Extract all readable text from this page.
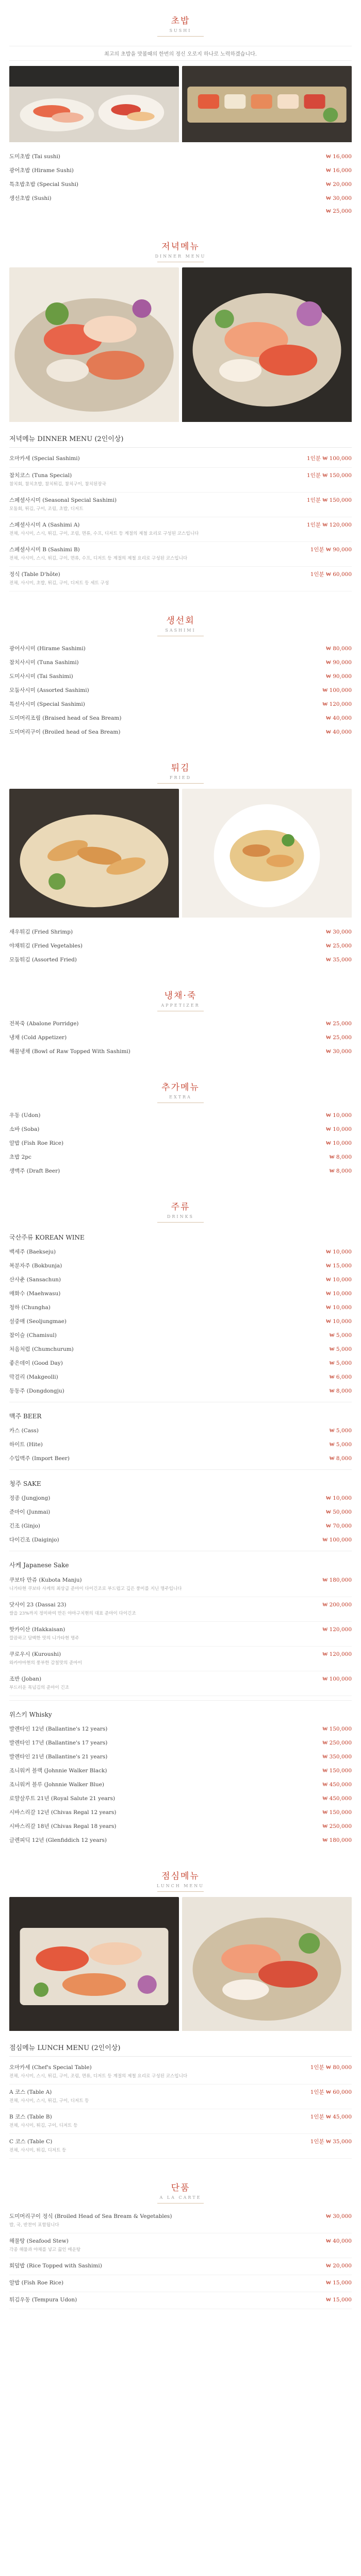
초밥
SUSHI
최고의 초밥을 맛볼때의 한번의 정신 오로지 하나로 노력하겠습니다.
도미초밥 (Tai sushi)	₩ 16,000
광어초밥 (Hirame Sushi)	₩ 16,000
특초밥초밥 (Special Sushi)	₩ 20,000
생선초밥 (Sushi)	₩ 30,000
₩ 25,000
저녁메뉴
DINNER MENU
저녁메뉴 DINNER MENU (2인이상)
오마카세 (Special Sashimi)	1인분 ₩ 100,000
참치코스 (Tuna Special)	1인분 ₩ 150,000
참치회, 참치초밥, 참치튀김, 참치구이, 참치된장국
스페셜사시미 (Seasonal Special Sashimi)	1인분 ₩ 150,000
모둠회, 튀김, 구이, 조림, 초밥, 디저트
스페셜사시미 A (Sashimi A)	1인분 ₩ 120,000
전채, 사시미, 스시, 튀김, 구이, 조림, 면류, 수프, 디저트 등 계절의 제철 요리로 구성된 코스입니다
스페셜사시미 B (Sashimi B)	1인분 ₩ 90,000
전채, 사시미, 스시, 튀김, 구이, 면류, 수프, 디저트 등 계절의 제철 요리로 구성된 코스입니다
정식 (Table D'hôte)	1인분 ₩ 60,000
전채, 사시미, 초밥, 튀김, 구이, 디저트 등 세트 구성
생선회
SASHIMI
광어사시미 (Hirame Sashimi)	₩ 80,000
참치사시미 (Tuna Sashimi)	₩ 90,000
도미사시미 (Tai Sashimi)	₩ 90,000
모둠사시미 (Assorted Sashimi)	₩ 100,000
특선사시미 (Special Sashimi)	₩ 120,000
도미머리조림 (Braised head of Sea Bream)	₩ 40,000
도미머리구이 (Broiled head of Sea Bream)	₩ 40,000
튀김
FRIED
새우튀김 (Fried Shrimp)	₩ 30,000
야채튀김 (Fried Vegetables)	₩ 25,000
모둠튀김 (Assorted Fried)	₩ 35,000
냉채·죽
APPETIZER
전복죽 (Abalone Porridge)	₩ 25,000
냉채 (Cold Appetizer)	₩ 25,000
해물냉채 (Bowl of Raw Topped With Sashimi)	₩ 30,000
추가메뉴
EXTRA
우동 (Udon)	₩ 10,000
소바 (Soba)	₩ 10,000
알밥 (Fish Roe Rice)	₩ 10,000
초밥 2pc	₩ 8,000
생맥주 (Draft Beer)	₩ 8,000
주류
DRINKS
국산주류 KOREAN WINE
백세주 (Baekseju)	₩ 10,000
복분자주 (Bokbunja)	₩ 15,000
산사춘 (Sansachun)	₩ 10,000
매화수 (Maehwasu)	₩ 10,000
청하 (Chungha)	₩ 10,000
설중매 (Seoljungmae)	₩ 10,000
참이슬 (Chamisul)	₩ 5,000
처음처럼 (Chumchurum)	₩ 5,000
좋은데이 (Good Day)	₩ 5,000
막걸리 (Makgeolli)	₩ 6,000
동동주 (Dongdongju)	₩ 8,000
맥주 BEER
카스 (Cass)	₩ 5,000
하이트 (Hite)	₩ 5,000
수입맥주 (Import Beer)	₩ 8,000
청주 SAKE
정종 (Jungjong)	₩ 10,000
준마이 (Junmai)	₩ 50,000
긴조 (Ginjo)	₩ 70,000
다이긴조 (Daiginjo)	₩ 100,000
사케 Japanese Sake
쿠보타 만쥬 (Kubota Manju)	₩ 180,000
니가타현 쿠보타 사케의 최상급 준마이 다이긴조로 부드럽고 깊은 풍미를 지닌 명주입니다
닷사이 23 (Dassai 23)	₩ 200,000
쌀을 23%까지 정미하여 만든 야마구치현의 대표 준마이 다이긴조
핫카이산 (Hakkaisan)	₩ 120,000
깔끔하고 담백한 맛의 니가타현 명주
쿠로우시 (Kuroushi)	₩ 120,000
와카야마현의 풍부한 감칠맛의 준마이
조반 (Joban)	₩ 100,000
부드러운 목넘김의 준마이 긴조
위스키 Whisky
발렌타인 12년 (Ballantine's 12 years)	₩ 150,000
발렌타인 17년 (Ballantine's 17 years)	₩ 250,000
발렌타인 21년 (Ballantine's 21 years)	₩ 350,000
조니워커 블랙 (Johnnie Walker Black)	₩ 150,000
조니워커 블루 (Johnnie Walker Blue)	₩ 450,000
로얄살루트 21년 (Royal Salute 21 years)	₩ 450,000
시바스리갈 12년 (Chivas Regal 12 years)	₩ 150,000
시바스리갈 18년 (Chivas Regal 18 years)	₩ 250,000
글렌피딕 12년 (Glenfiddich 12 years)	₩ 180,000
점심메뉴
LUNCH MENU
점심메뉴 LUNCH MENU (2인이상)
오마카세 (Chef's Special Table)	1인분 ₩ 80,000
전채, 사시미, 스시, 튀김, 구이, 조림, 면류, 디저트 등 계절의 제철 요리로 구성된 코스입니다
A 코스 (Table A)	1인분 ₩ 60,000
전채, 사시미, 스시, 튀김, 구이, 디저트 등
B 코스 (Table B)	1인분 ₩ 45,000
전채, 사시미, 튀김, 구이, 디저트 등
C 코스 (Table C)	1인분 ₩ 35,000
전채, 사시미, 튀김, 디저트 등
단품
A LA CARTE
도미머리구이 정식 (Broiled Head of Sea Bream & Vegetables)	₩ 30,000
밥, 국, 반찬이 포함됩니다
해물탕 (Seafood Stew)	₩ 40,000
각종 해물과 야채를 넣고 끓인 매운탕
회덮밥 (Rice Topped with Sashimi)	₩ 20,000
알밥 (Fish Roe Rice)	₩ 15,000
튀김우동 (Tempura Udon)	₩ 15,000
